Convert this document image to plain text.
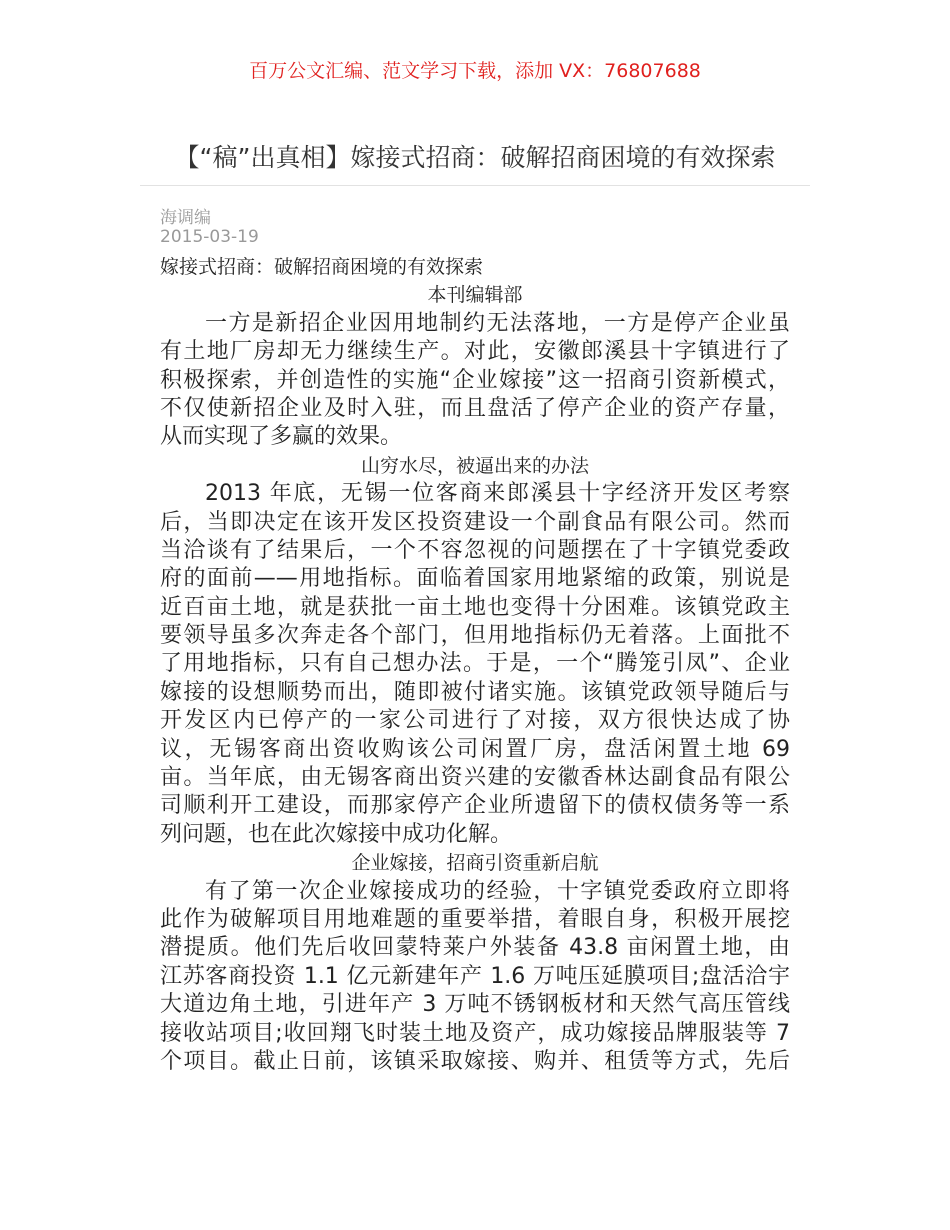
百万公文汇编、范文学习下载，添加 VX：76807688
【“稿”出真相】嫁接式招商：破解招商困境的有效探索
海调编
2015-03-19
嫁接式招商：破解招商困境的有效探索
本刊编辑部
一方是新招企业因用地制约无法落地，一方是停产企业虽
有土地厂房却无力继续生产。对此，安徽郎溪县十字镇进行了
积极探索，并创造性的实施“企业嫁接”这一招商引资新模式，
不仅使新招企业及时入驻，而且盘活了停产企业的资产存量，
从而实现了多赢的效果。
山穷水尽，被逼出来的办法
2013 年底，无锡一位客商来郎溪县十字经济开发区考察
后，当即决定在该开发区投资建设一个副食品有限公司。然而
当洽谈有了结果后，一个不容忽视的问题摆在了十字镇党委政
府的面前——用地指标。面临着国家用地紧缩的政策，别说是
近百亩土地，就是获批一亩土地也变得十分困难。该镇党政主
要领导虽多次奔走各个部门，但用地指标仍无着落。上面批不
了用地指标，只有自己想办法。于是，一个“腾笼引凤”、企业
嫁接的设想顺势而出，随即被付诸实施。该镇党政领导随后与
开发区内已停产的一家公司进行了对接，双方很快达成了协
议，无锡客商出资收购该公司闲置厂房，盘活闲置土地 69
亩。当年底，由无锡客商出资兴建的安徽香林达副食品有限公
司顺利开工建设，而那家停产企业所遗留下的债权债务等一系
列问题，也在此次嫁接中成功化解。
企业嫁接，招商引资重新启航
有了第一次企业嫁接成功的经验，十字镇党委政府立即将
此作为破解项目用地难题的重要举措，着眼自身，积极开展挖
潜提质。他们先后收回蒙特莱户外装备 43.8 亩闲置土地，由
江苏客商投资 1.1 亿元新建年产 1.6 万吨压延膜项目;盘活洽宇
大道边角土地，引进年产 3 万吨不锈钢板材和天然气高压管线
接收站项目;收回翔飞时装土地及资产，成功嫁接品牌服装等 7
个项目。截止日前，该镇采取嫁接、购并、租赁等方式，先后
